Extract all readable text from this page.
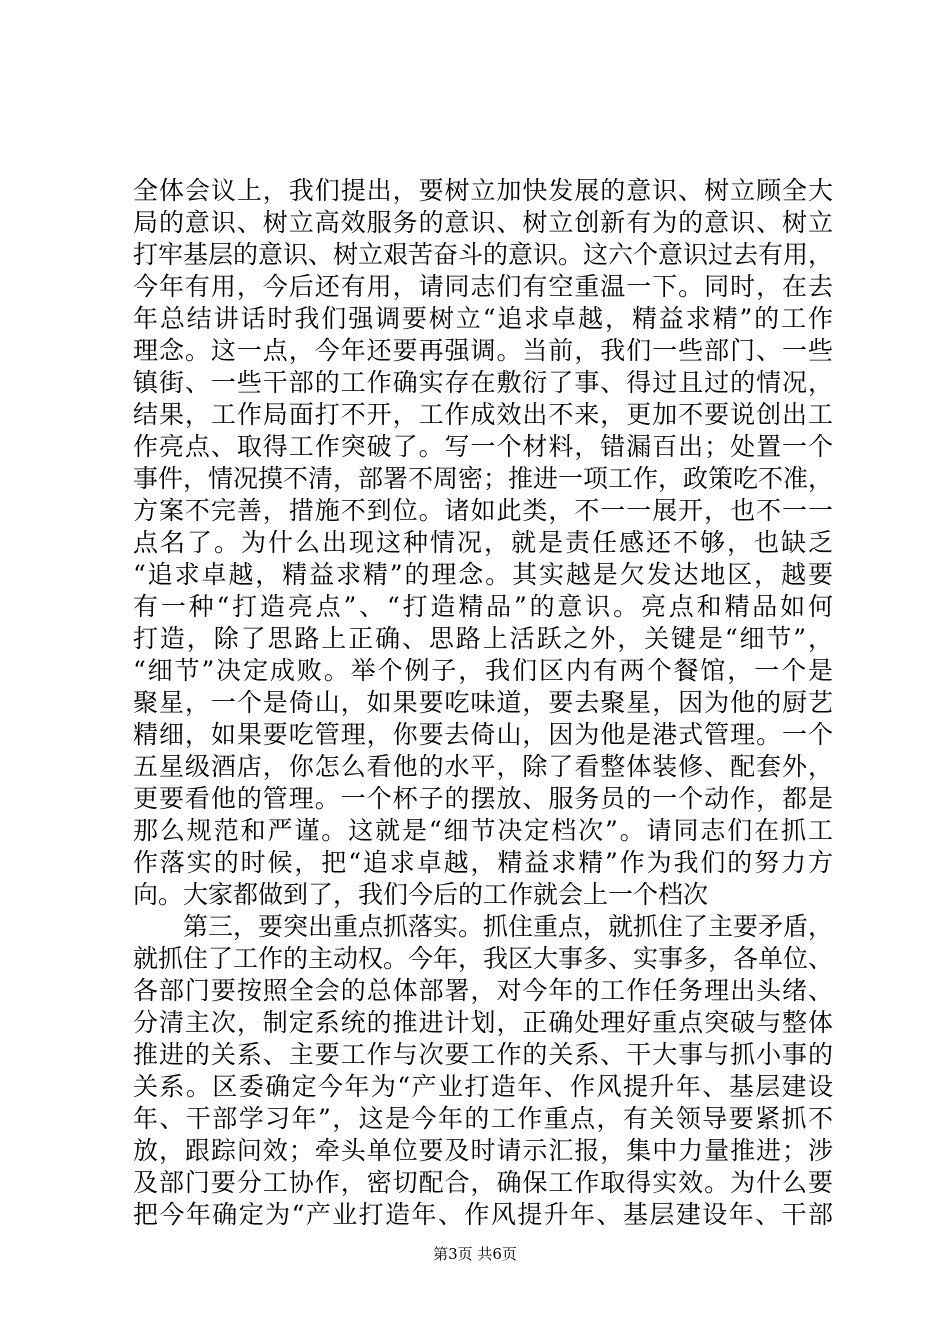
全体会议上，我们提出，要树立加快发展的意识、树立顾全大
局的意识、树立高效服务的意识、树立创新有为的意识、树立
打牢基层的意识、树立艰苦奋斗的意识。这六个意识过去有用，
今年有用，今后还有用，请同志们有空重温一下。同时，在去
年总结讲话时我们强调要树立“追求卓越，精益求精”的工作
理念。这一点，今年还要再强调。当前，我们一些部门、一些
镇街、一些干部的工作确实存在敷衍了事、得过且过的情况，
结果，工作局面打不开，工作成效出不来，更加不要说创出工
作亮点、取得工作突破了。写一个材料，错漏百出；处置一个
事件，情况摸不清，部署不周密；推进一项工作，政策吃不准，
方案不完善，措施不到位。诸如此类，不一一展开，也不一一
点名了。为什么出现这种情况，就是责任感还不够，也缺乏
“追求卓越，精益求精”的理念。其实越是欠发达地区，越要
有一种“打造亮点”、“打造精品”的意识。亮点和精品如何
打造，除了思路上正确、思路上活跃之外，关键是“细节”，
“细节”决定成败。举个例子，我们区内有两个餐馆，一个是
聚星，一个是倚山，如果要吃味道，要去聚星，因为他的厨艺
精细，如果要吃管理，你要去倚山，因为他是港式管理。一个
五星级酒店，你怎么看他的水平，除了看整体装修、配套外，
更要看他的管理。一个杯子的摆放、服务员的一个动作，都是
那么规范和严谨。这就是“细节决定档次”。请同志们在抓工
作落实的时候，把“追求卓越，精益求精”作为我们的努力方
向。大家都做到了，我们今后的工作就会上一个档次
第三，要突出重点抓落实。抓住重点，就抓住了主要矛盾，
就抓住了工作的主动权。今年，我区大事多、实事多，各单位、
各部门要按照全会的总体部署，对今年的工作任务理出头绪、
分清主次，制定系统的推进计划，正确处理好重点突破与整体
推进的关系、主要工作与次要工作的关系、干大事与抓小事的
关系。区委确定今年为“产业打造年、作风提升年、基层建设
年、干部学习年”，这是今年的工作重点，有关领导要紧抓不
放，跟踪问效；牵头单位要及时请示汇报，集中力量推进；涉
及部门要分工协作，密切配合，确保工作取得实效。为什么要
把今年确定为“产业打造年、作风提升年、基层建设年、干部
第3页 共6页
